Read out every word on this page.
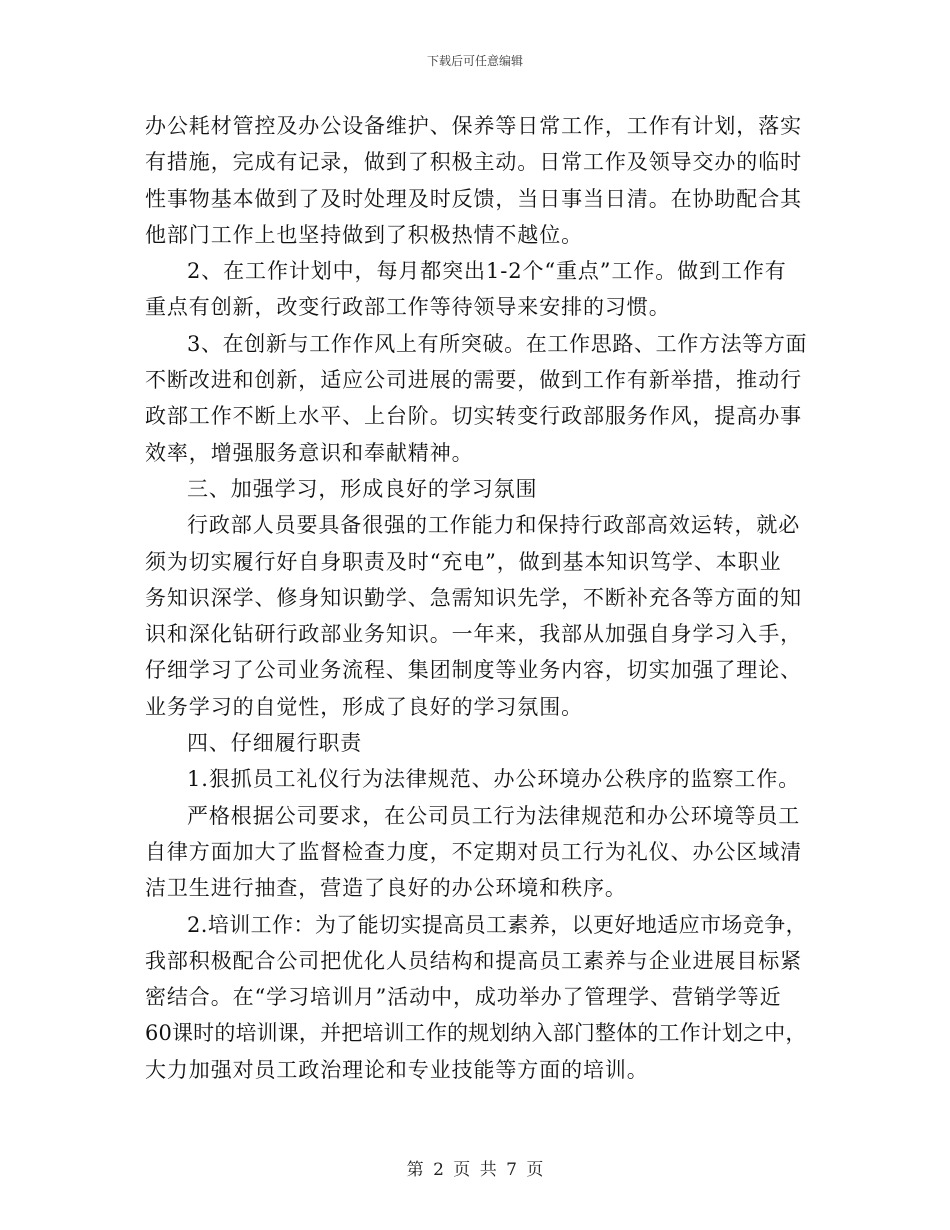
下载后可任意编辑
办公耗材管控及办公设备维护、保养等日常工作，工作有计划，落实
有措施，完成有记录，做到了积极主动。日常工作及领导交办的临时
性事物基本做到了及时处理及时反馈，当日事当日清。在协助配合其
他部门工作上也坚持做到了积极热情不越位。
2、在工作计划中，每月都突出1-2个“重点”工作。做到工作有
重点有创新，改变行政部工作等待领导来安排的习惯。
3、在创新与工作作风上有所突破。在工作思路、工作方法等方面
不断改进和创新，适应公司进展的需要，做到工作有新举措，推动行
政部工作不断上水平、上台阶。切实转变行政部服务作风，提高办事
效率，增强服务意识和奉献精神。
三、加强学习，形成良好的学习氛围
行政部人员要具备很强的工作能力和保持行政部高效运转，就必
须为切实履行好自身职责及时“充电”，做到基本知识笃学、本职业
务知识深学、修身知识勤学、急需知识先学，不断补充各等方面的知
识和深化钻研行政部业务知识。一年来，我部从加强自身学习入手，
仔细学习了公司业务流程、集团制度等业务内容，切实加强了理论、
业务学习的自觉性，形成了良好的学习氛围。
四、仔细履行职责
1.狠抓员工礼仪行为法律规范、办公环境办公秩序的监察工作。
严格根据公司要求，在公司员工行为法律规范和办公环境等员工
自律方面加大了监督检查力度，不定期对员工行为礼仪、办公区域清
洁卫生进行抽查，营造了良好的办公环境和秩序。
2.培训工作：为了能切实提高员工素养，以更好地适应市场竞争，
我部积极配合公司把优化人员结构和提高员工素养与企业进展目标紧
密结合。在“学习培训月”活动中，成功举办了管理学、营销学等近
60课时的培训课，并把培训工作的规划纳入部门整体的工作计划之中，
大力加强对员工政治理论和专业技能等方面的培训。
第 2 页 共 7 页
